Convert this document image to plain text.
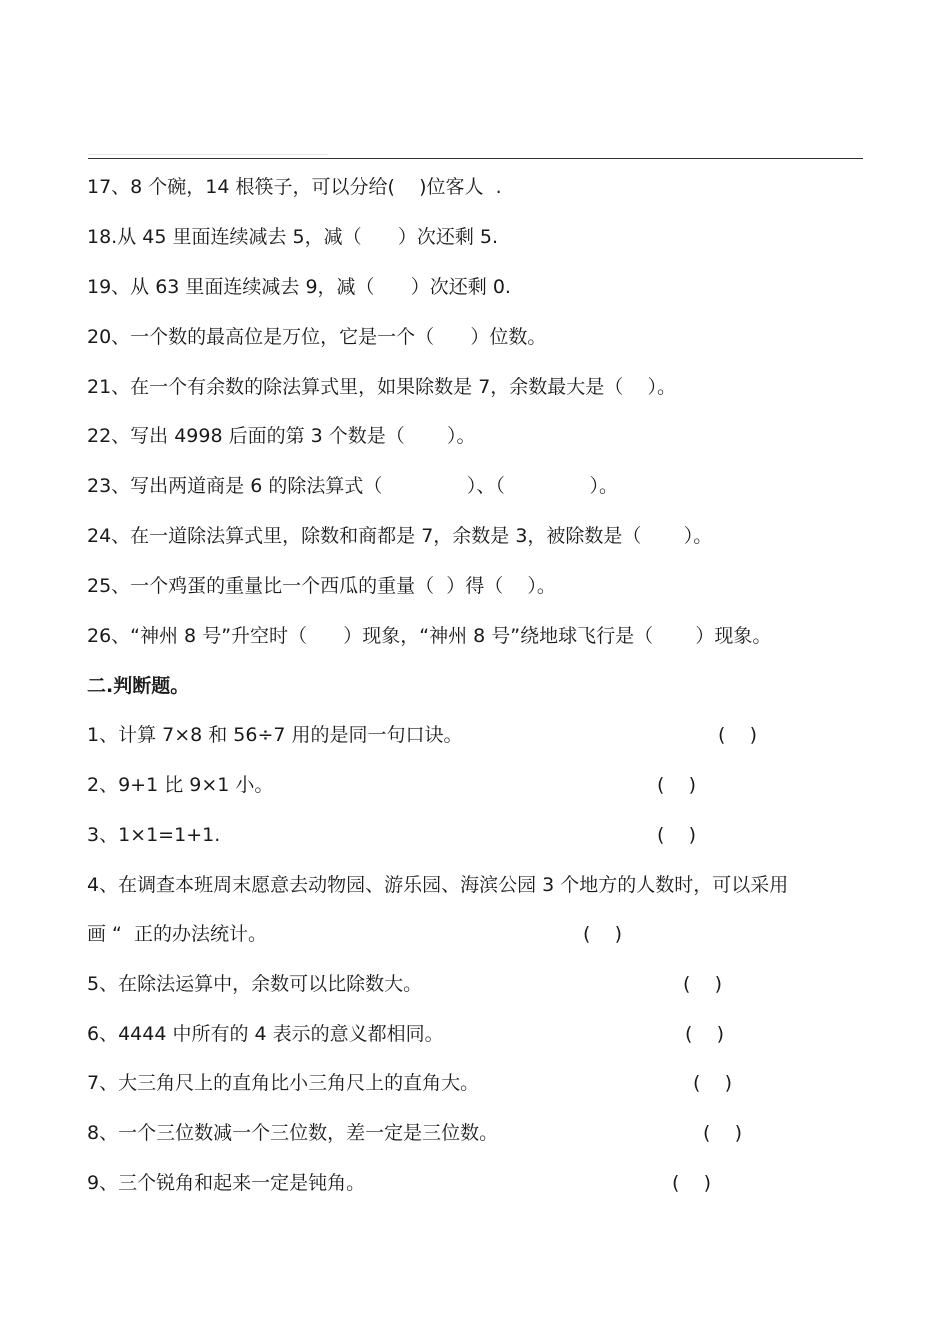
17、8 个碗，14 根筷子，可以分给(    )位客人  .
18.从 45 里面连续减去 5，减（      ）次还剩 5.
19、从 63 里面连续减去 9，减（      ）次还剩 0.
20、一个数的最高位是万位，它是一个（      ）位数。
21、在一个有余数的除法算式里，如果除数是 7，余数最大是（    ）。
22、写出 4998 后面的第 3 个数是（       ）。
23、写出两道商是 6 的除法算式（              ）、（              ）。
24、在一道除法算式里，除数和商都是 7，余数是 3，被除数是（       ）。
25、一个鸡蛋的重量比一个西瓜的重量（  ）得（    ）。
26、“神州 8 号”升空时（      ）现象，“神州 8 号”绕地球飞行是（       ）现象。
二.判断题。
1、计算 7×8 和 56÷7 用的是同一句口诀。	(    )
2、9+1 比 9×1 小。	(    )
3、1×1=1+1.	(    )
4、在调查本班周末愿意去动物园、游乐园、海滨公园 3 个地方的人数时，可以采用
画 “  正的办法统计。	(    )
5、在除法运算中，余数可以比除数大。	(    )
6、4444 中所有的 4 表示的意义都相同。	(    )
7、大三角尺上的直角比小三角尺上的直角大。	(    )
8、一个三位数减一个三位数，差一定是三位数。	(    )
9、三个锐角和起来一定是钝角。	(    )
